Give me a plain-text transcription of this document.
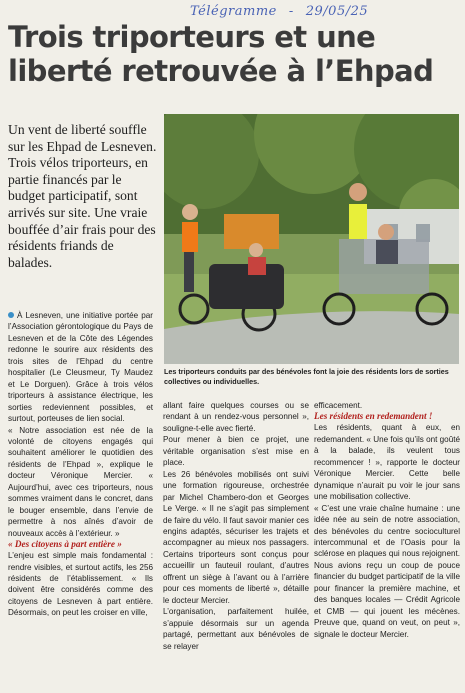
Télégramme - 29/05/25
Trois triporteurs et une
liberté retrouvée à l’Ehpad

Un vent de liberté souffle sur les Ehpad de Lesneven. Trois vélos triporteurs, en partie financés par le budget participatif, sont arrivés sur site. Une vraie bouffée d’air frais pour des résidents friands de balades.

Les triporteurs conduits par des bénévoles font la joie des résidents lors de sorties collectives ou individuelles.

À Lesneven, une initiative portée par l’Association gérontologique du Pays de Lesneven et de la Côte des Légendes redonne le sourire aux résidents des trois sites de l’Ehpad du centre hospitalier (Le Cleusmeur, Ty Maudez et Le Dorguen). Grâce à trois vélos triporteurs à assistance électrique, les sorties redeviennent possibles, et surtout, porteuses de lien social.

« Notre association est née de la volonté de citoyens engagés qui souhaitent améliorer le quotidien des résidents de l’Ehpad », explique le docteur Véronique Mercier. « Aujourd’hui, avec ces triporteurs, nous sommes vraiment dans le concret, dans le bouger ensemble, dans l’envie de permettre à nos aînés d’avoir de nouveaux accès à l’extérieur. »

« Des citoyens à part entière »

L’enjeu est simple mais fondamental : rendre visibles, et surtout actifs, les 256 résidents de l’établissement. « Ils doivent être considérés comme des citoyens de Lesneven à part entière. Désormais, on peut les croiser en ville,

allant faire quelques courses ou se rendant à un rendez-vous personnel », souligne-t-elle avec fierté.

Pour mener à bien ce projet, une véritable organisation s’est mise en place.

Les 26 bénévoles mobilisés ont suivi une formation rigoureuse, orchestrée par Michel Chambero-don et Georges Le Verge. « Il ne s’agit pas simplement de faire du vélo. Il faut savoir manier ces engins adaptés, sécuriser les trajets et accompagner au mieux nos passagers. Certains triporteurs sont conçus pour accueillir un fauteuil roulant, d’autres offrent un siège à l’avant ou à l’arrière pour ces moments de liberté », détaille le docteur Mercier.

L’organisation, parfaitement huilée, s’appuie désormais sur un agenda partagé, permettant aux bénévoles de se relayer

efficacement.

Les résidents en redemandent !

Les résidents, quant à eux, en redemandent. « Une fois qu’ils ont goûté à la balade, ils veulent tous recommencer ! », rapporte le docteur Véronique Mercier. Cette belle dynamique n’aurait pu voir le jour sans une mobilisation collective.

« C’est une vraie chaîne humaine : une idée née au sein de notre association, des bénévoles du centre socioculturel intercommunal et de l’Oasis pour la sclérose en plaques qui nous rejoignent. Nous avions reçu un coup de pouce financier du budget participatif de la ville pour financer la première machine, et des banques locales — Crédit Agricole et CMB — qui jouent les mécènes. Preuve que, quand on veut, on peut », signale le docteur Mercier.
